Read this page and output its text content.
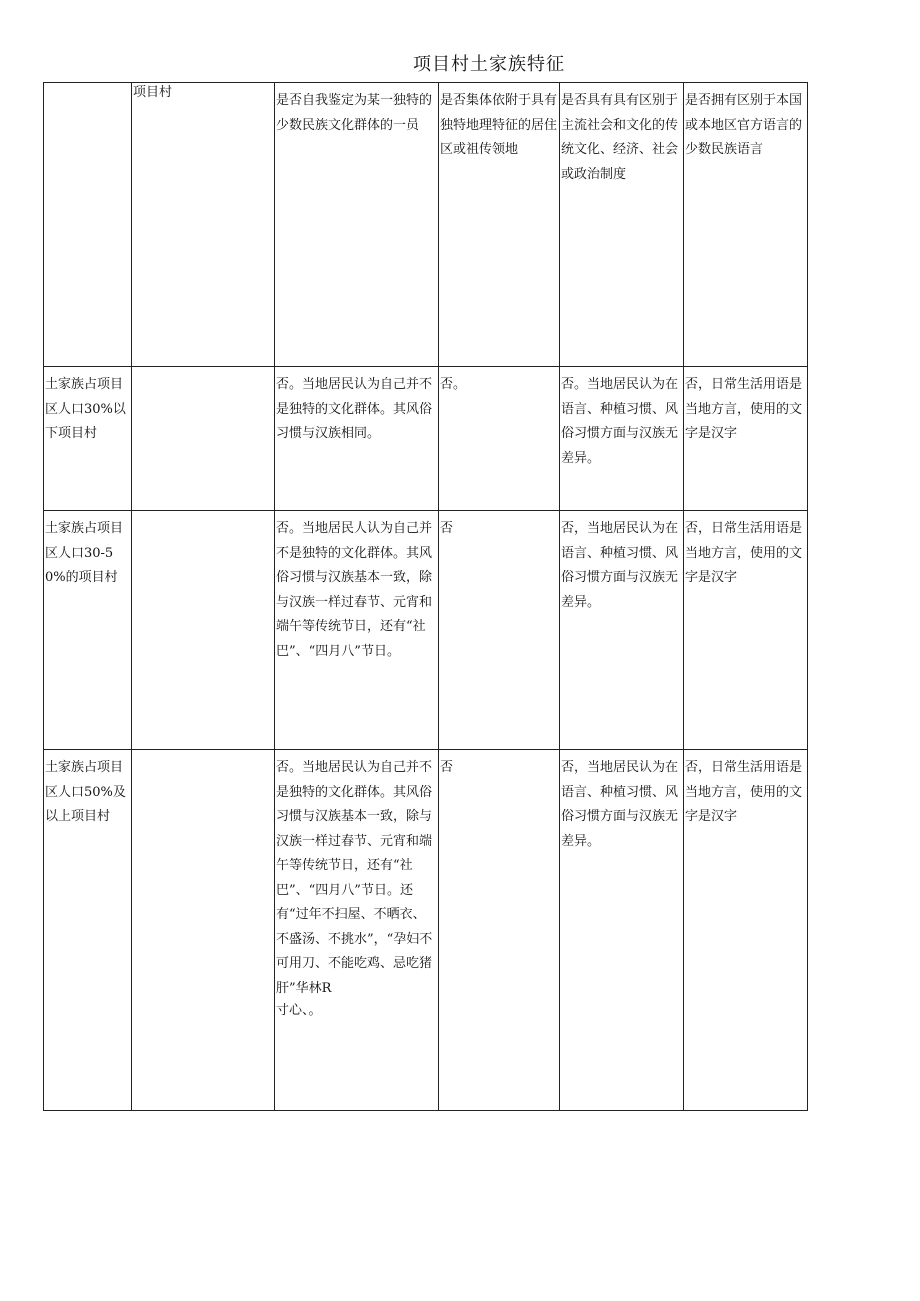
项目村土家族特征
	项目村	是否自我鉴定为某一独特的少数民族文化群体的一员	是否集体依附于具有独特地理特征的居住区或祖传领地	是否具有具有区别于主流社会和文化的传统文化、经济、社会或政治制度	是否拥有区别于本国或本地区官方语言的少数民族语言
土家族占项目区人口30%以下项目村		否。当地居民认为自己并不是独特的文化群体。其风俗习惯与汉族相同。	否。	否。当地居民认为在语言、种植习惯、风俗习惯方面与汉族无差异。	否，日常生活用语是当地方言，使用的文字是汉字
土家族占项目区人口30-50%的项目村		否。当地居民人认为自己并不是独特的文化群体。其风俗习惯与汉族基本一致，除与汉族一样过春节、元宵和端午等传统节日，还有“社巴”、“四月八”节日。	否	否，当地居民认为在语言、种植习惯、风俗习惯方面与汉族无差异。	否，日常生活用语是当地方言，使用的文字是汉字
土家族占项目区人口50%及以上项目村		否。当地居民认为自己并不是独特的文化群体。其风俗习惯与汉族基本一致，除与汉族一样过春节、元宵和端午等传统节日，还有“社巴”、“四月八”节日。还有“过年不扫屋、不晒衣、不盛汤、不挑水”，“孕妇不可用刀、不能吃鸡、忌吃猪肝”华林R
寸心、。	否	否，当地居民认为在语言、种植习惯、风俗习惯方面与汉族无差异。	否，日常生活用语是当地方言，使用的文字是汉字
